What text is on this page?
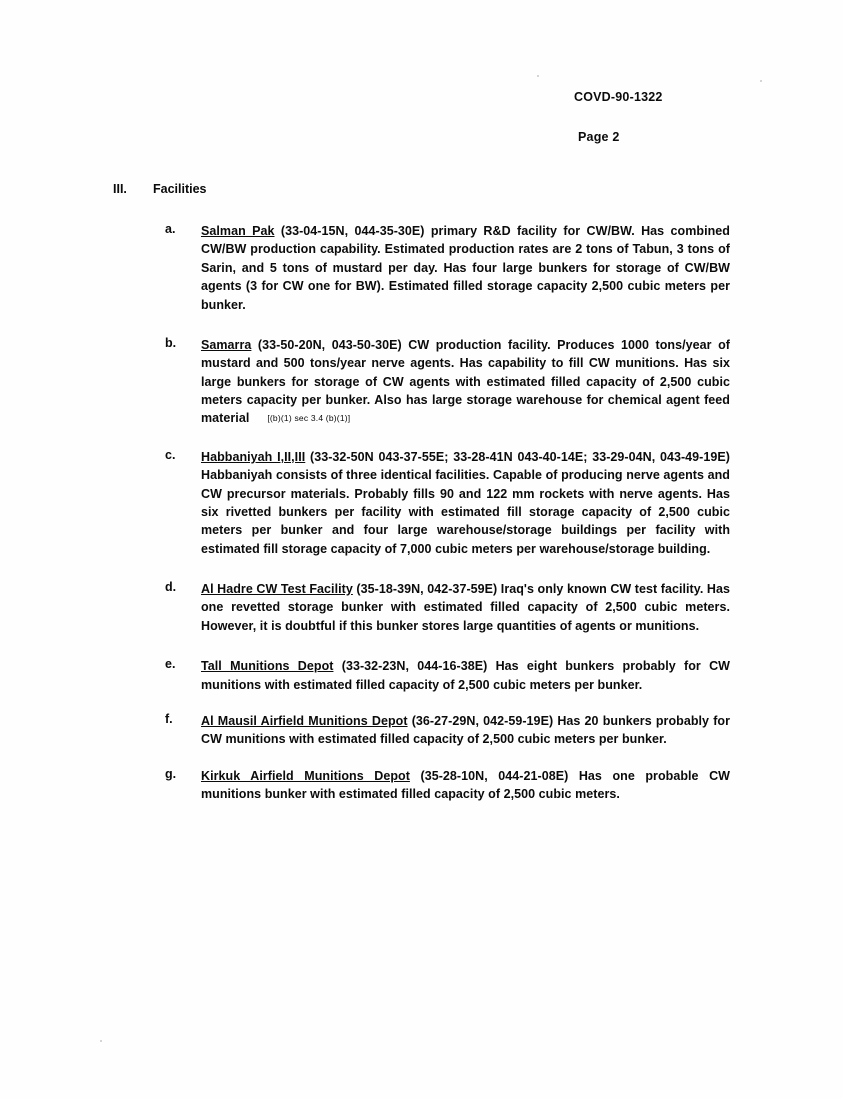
COVD-90-1322
Page 2
III. Facilities
a.	Salman Pak (33-04-15N, 044-35-30E) primary R&D facility for CW/BW. Has combined CW/BW production capability. Estimated production rates are 2 tons of Tabun, 3 tons of Sarin, and 5 tons of mustard per day. Has four large bunkers for storage of CW/BW agents (3 for CW one for BW). Estimated filled storage capacity 2,500 cubic meters per bunker.
b.	Samarra (33-50-20N, 043-50-30E) CW production facility. Produces 1000 tons/year of mustard and 500 tons/year nerve agents. Has capability to fill CW munitions. Has six large bunkers for storage of CW agents with estimated filled capacity of 2,500 cubic meters capacity per bunker. Also has large storage warehouse for chemical agent feed material [(b)(1) sec 3.4 (b)(1)]
c.	Habbaniyah I,II,III (33-32-50N 043-37-55E; 33-28-41N 043-40-14E; 33-29-04N, 043-49-19E) Habbaniyah consists of three identical facilities. Capable of producing nerve agents and CW precursor materials. Probably fills 90 and 122 mm rockets with nerve agents. Has six rivetted bunkers per facility with estimated fill storage capacity of 2,500 cubic meters per bunker and four large warehouse/storage buildings per facility with estimated fill storage capacity of 7,000 cubic meters per warehouse/storage building.
d.	Al Hadre CW Test Facility (35-18-39N, 042-37-59E) Iraq's only known CW test facility. Has one revetted storage bunker with estimated filled capacity of 2,500 cubic meters. However, it is doubtful if this bunker stores large quantities of agents or munitions.
e.	Tall Munitions Depot (33-32-23N, 044-16-38E) Has eight bunkers probably for CW munitions with estimated filled capacity of 2,500 cubic meters per bunker.
f.	Al Mausil Airfield Munitions Depot (36-27-29N, 042-59-19E) Has 20 bunkers probably for CW munitions with estimated filled capacity of 2,500 cubic meters per bunker.
g.	Kirkuk Airfield Munitions Depot (35-28-10N, 044-21-08E) Has one probable CW munitions bunker with estimated filled capacity of 2,500 cubic meters.
